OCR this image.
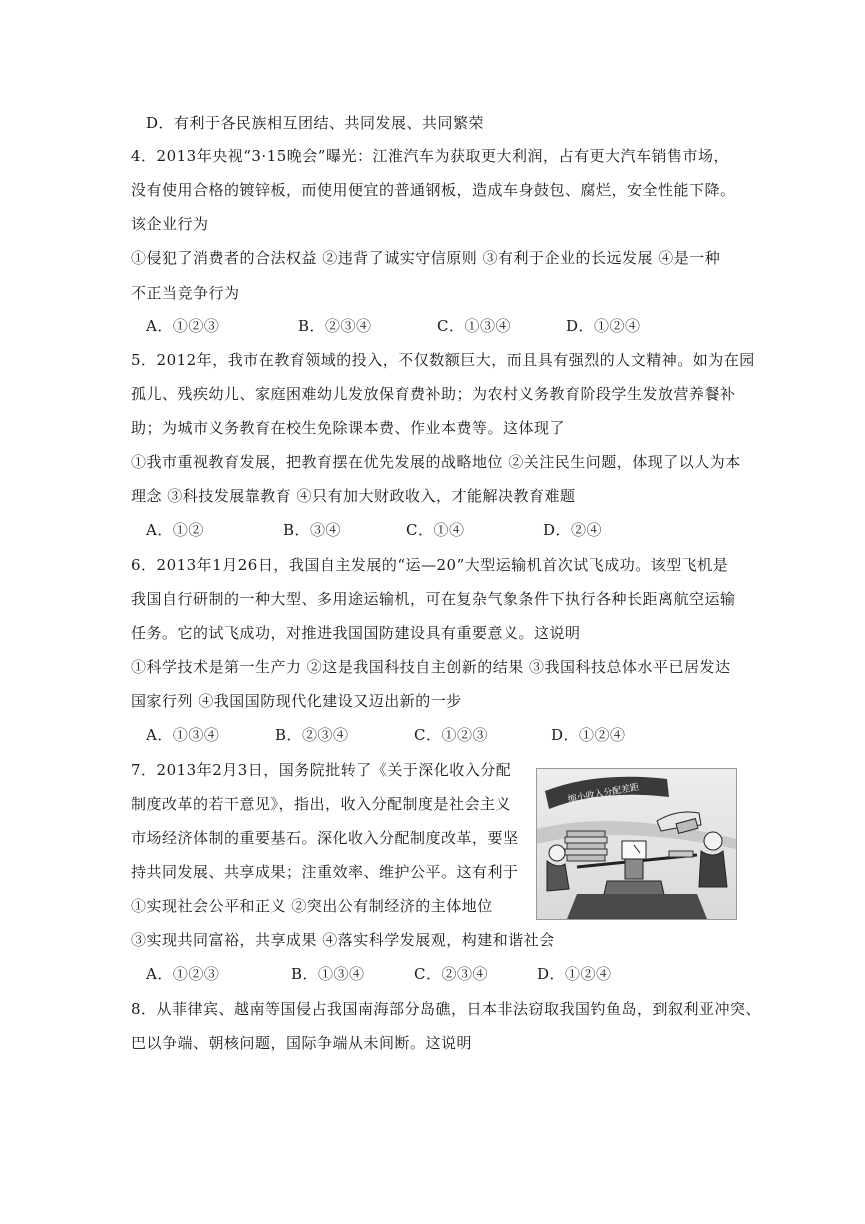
D．有利于各民族相互团结、共同发展、共同繁荣
4．2013年央视“3·15晚会”曝光：江淮汽车为获取更大利润，占有更大汽车销售市场，
没有使用合格的镀锌板，而使用便宜的普通钢板，造成车身鼓包、腐烂，安全性能下降。
该企业行为
①侵犯了消费者的合法权益 ②违背了诚实守信原则 ③有利于企业的长远发展 ④是一种
不正当竞争行为
A．①②③	B．②③④	C．①③④	D．①②④
5．2012年，我市在教育领域的投入，不仅数额巨大，而且具有强烈的人文精神。如为在园
孤儿、残疾幼儿、家庭困难幼儿发放保育费补助；为农村义务教育阶段学生发放营养餐补
助；为城市义务教育在校生免除课本费、作业本费等。这体现了
①我市重视教育发展，把教育摆在优先发展的战略地位 ②关注民生问题，体现了以人为本
理念 ③科技发展靠教育 ④只有加大财政收入，才能解决教育难题
A．①②	B．③④	C．①④	D．②④
6．2013年1月26日，我国自主发展的“运—20”大型运输机首次试飞成功。该型飞机是
我国自行研制的一种大型、多用途运输机，可在复杂气象条件下执行各种长距离航空运输
任务。它的试飞成功，对推进我国国防建设具有重要意义。这说明
①科学技术是第一生产力 ②这是我国科技自主创新的结果 ③我国科技总体水平已居发达
国家行列 ④我国国防现代化建设又迈出新的一步
A．①③④	B．②③④	C．①②③	D．①②④
7．2013年2月3日，国务院批转了《关于深化收入分配
制度改革的若干意见》，指出，收入分配制度是社会主义
市场经济体制的重要基石。深化收入分配制度改革，要坚
持共同发展、共享成果；注重效率、维护公平。这有利于
①实现社会公平和正义 ②突出公有制经济的主体地位
③实现共同富裕，共享成果 ④落实科学发展观，构建和谐社会
A．①②③	B．①③④	C．②③④	D．①②④
缩小收入分配差距
8．从菲律宾、越南等国侵占我国南海部分岛礁，日本非法窃取我国钓鱼岛，到叙利亚冲突、
巴以争端、朝核问题，国际争端从未间断。这说明
